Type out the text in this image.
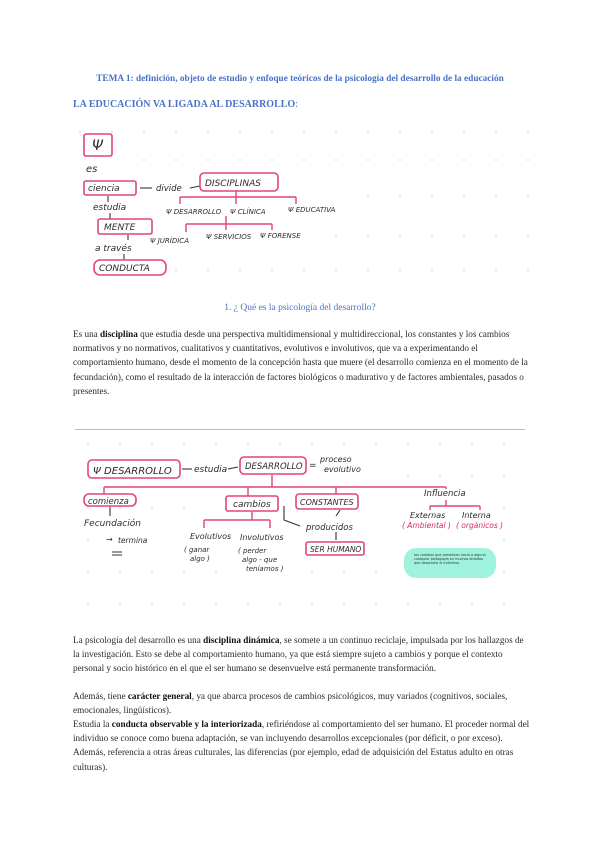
TEMA 1: definición, objeto de estudio y enfoque teóricos de la psicología del desarrollo de la educación
LA EDUCACIÓN VA LIGADA AL DESARROLLO:
Ψ
es
ciencia	divide	DISCIPLINAS
Ψ DESARROLLO Ψ CLÍNICA	Ψ EDUCATIVA
Ψ JURÍDICA Ψ SERVICIOS Ψ FORENSE
estudia
MENTE
a través
CONDUCTA
1. ¿ Qué es la psicología del desarrollo?
Es una disciplina que estudia desde una perspectiva multidimensional y multidireccional, los constantes y los cambios normativos y no normativos, cualitativos y cuantitativos, evolutivos e involutivos, que va a experimentando el comportamiento humano, desde el momento de la concepción hasta que muere (el desarrollo comienza en el momento de la fecundación), como el resultado de la interacción de factores biológicos o madurativo y de factores ambientales, pasados o presentes.
Ψ DESARROLLO estudia DESARROLLO =
proceso
evolutivo
comienza
Fecundación
→ termina
cambios
Evolutivos
( ganar
algo )
Involutivos
( perder
algo - que
teníamos )
CONSTANTES
producidos
SER HUMANO
Influencia
Externas
( Ambiental )
Interna
( orgánicos )
los cambios que presentan hacia a alguna cualquier pedagogía en muchos ámbitos que desarrolla el individuo
La psicología del desarrollo es una disciplina dinámica, se somete a un continuo reciclaje, impulsada por los hallazgos de la investigación. Esto se debe al comportamiento humano, ya que está siempre sujeto a cambios y porque el contexto personal y socio histórico en el que el ser humano se desenvuelve está permanente transformación.
Además, tiene carácter general, ya que abarca procesos de cambios psicológicos, muy variados (cognitivos, sociales, emocionales, lingüísticos).
Estudia la conducta observable y la interiorizada, refiriéndose al comportamiento del ser humano. El proceder normal del individuo se conoce como buena adaptación, se van incluyendo desarrollos excepcionales (por déficit, o por exceso). Además, referencia a otras áreas culturales, las diferencias (por ejemplo, edad de adquisición del Estatus adulto en otras culturas).
